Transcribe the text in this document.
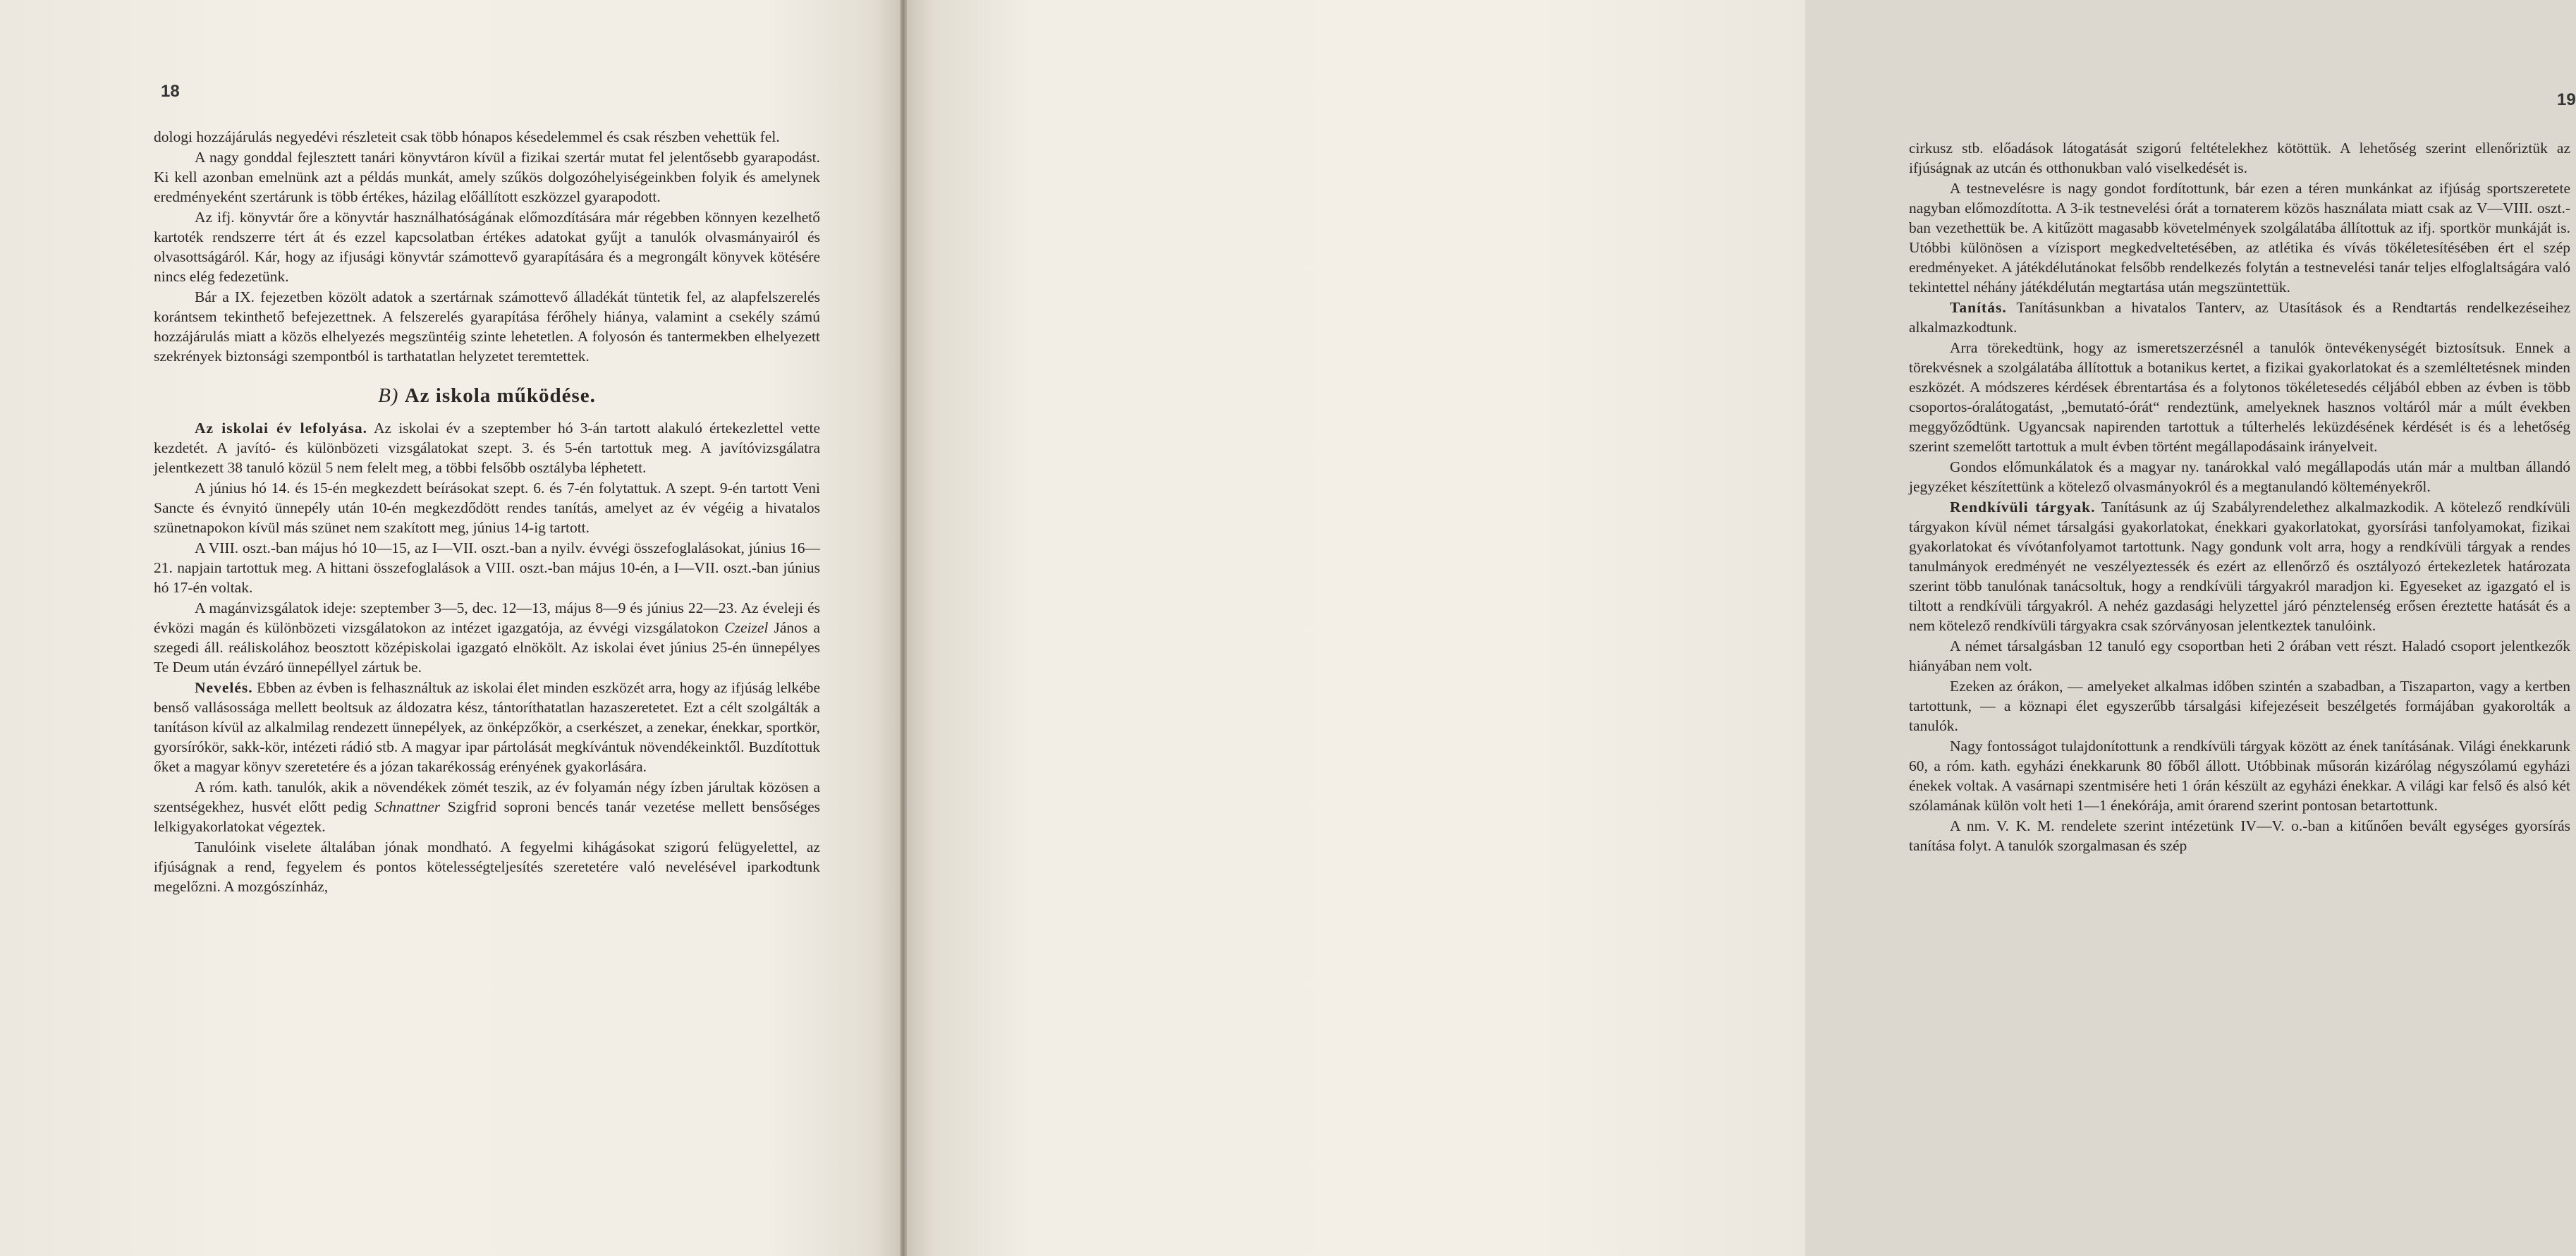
18

dologi hozzájárulás negyedévi részleteit csak több hónapos késedelemmel és csak részben vehettük fel.

A nagy gonddal fejlesztett tanári könyvtáron kívül a fizikai szertár mutat fel jelentősebb gyarapodást. Ki kell azonban emelnünk azt a példás munkát, amely szűkös dolgozóhelyiségeinkben folyik és amelynek eredményeként szertárunk is több értékes, házilag előállított eszközzel gyarapodott.

Az ifj. könyvtár őre a könyvtár használhatóságának előmozdítására már régebben könnyen kezelhető kartoték rendszerre tért át és ezzel kapcsolatban értékes adatokat gyűjt a tanulók olvasmányairól és olvasottságáról. Kár, hogy az ifjusági könyvtár számottevő gyarapítására és a megrongált könyvek kötésére nincs elég fedezetünk.

Bár a IX. fejezetben közölt adatok a szertárnak számottevő álladékát tüntetik fel, az alapfelszerelés korántsem tekinthető befejezettnek. A felszerelés gyarapítása férőhely hiánya, valamint a csekély számú hozzájárulás miatt a közös elhelyezés megszüntéig szinte lehetetlen. A folyosón és tantermekben elhelyezett szekrények biztonsági szempontból is tarthatatlan helyzetet teremtettek.

B) Az iskola működése.

Az iskolai év lefolyása. Az iskolai év a szeptember hó 3-án tartott alakuló értekezlettel vette kezdetét. A javító- és különbözeti vizsgálatokat szept. 3. és 5-én tartottuk meg. A javítóvizsgálatra jelentkezett 38 tanuló közül 5 nem felelt meg, a többi felsőbb osztályba léphetett.

A június hó 14. és 15-én megkezdett beírásokat szept. 6. és 7-én folytattuk. A szept. 9-én tartott Veni Sancte és évnyitó ünnepély után 10-én megkezdődött rendes tanítás, amelyet az év végéig a hivatalos szünetnapokon kívül más szünet nem szakított meg, június 14-ig tartott.

A VIII. oszt.-ban május hó 10—15, az I—VII. oszt.-ban a nyilv. évvégi összefoglalásokat, június 16—21. napjain tartottuk meg. A hittani összefoglalások a VIII. oszt.-ban május 10-én, a I—VII. oszt.-ban június hó 17-én voltak.

A magánvizsgálatok ideje: szeptember 3—5, dec. 12—13, május 8—9 és június 22—23. Az éveleji és évközi magán és különbözeti vizsgálatokon az intézet igazgatója, az évvégi vizsgálatokon Czeizel János a szegedi áll. reáliskolához beosztott középiskolai igazgató elnökölt. Az iskolai évet június 25-én ünnepélyes Te Deum után évzáró ünnepéllyel zártuk be.

Nevelés. Ebben az évben is felhasználtuk az iskolai élet minden eszközét arra, hogy az ifjúság lelkébe benső vallásossága mellett beoltsuk az áldozatra kész, tántoríthatatlan hazaszeretetet. Ezt a célt szolgálták a tanításon kívül az alkalmilag rendezett ünnepélyek, az önképzőkör, a cserkészet, a zenekar, énekkar, sportkör, gyorsírókör, sakk-kör, intézeti rádió stb. A magyar ipar pártolását megkívántuk növendékeinktől. Buzdítottuk őket a magyar könyv szeretetére és a józan takarékosság erényének gyakorlására.

A róm. kath. tanulók, akik a növendékek zömét teszik, az év folyamán négy ízben járultak közösen a szentségekhez, husvét előtt pedig Schnattner Szigfrid soproni bencés tanár vezetése mellett bensőséges lelkigyakorlatokat végeztek.

Tanulóink viselete általában jónak mondható. A fegyelmi kihágásokat szigorú felügyelettel, az ifjúságnak a rend, fegyelem és pontos kötelességteljesítés szeretetére való nevelésével iparkodtunk megelőzni. A mozgószínház,

19

cirkusz stb. előadások látogatását szigorú feltételekhez kötöttük. A lehetőség szerint ellenőriztük az ifjúságnak az utcán és otthonukban való viselkedését is.

A testnevelésre is nagy gondot fordítottunk, bár ezen a téren munkánkat az ifjúság sportszeretete nagyban előmozdította. A 3-ik testnevelési órát a tornaterem közös használata miatt csak az V—VIII. oszt.-ban vezethettük be. A kitűzött magasabb követelmények szolgálatába állítottuk az ifj. sportkör munkáját is. Utóbbi különösen a vízisport megkedveltetésében, az atlétika és vívás tökéletesítésében ért el szép eredményeket. A játékdélutánokat felsőbb rendelkezés folytán a testnevelési tanár teljes elfoglaltságára való tekintettel néhány játékdélután megtartása után megszüntettük.

Tanítás. Tanításunkban a hivatalos Tanterv, az Utasítások és a Rendtartás rendelkezéseihez alkalmazkodtunk.

Arra törekedtünk, hogy az ismeretszerzésnél a tanulók öntevékenységét biztosítsuk. Ennek a törekvésnek a szolgálatába állítottuk a botanikus kertet, a fizikai gyakorlatokat és a szemléltetésnek minden eszközét. A módszeres kérdések ébrentartása és a folytonos tökéletesedés céljából ebben az évben is több csoportos-óralátogatást, „bemutató-órát“ rendeztünk, amelyeknek hasznos voltáról már a múlt években meggyőződtünk. Ugyancsak napirenden tartottuk a túlterhelés leküzdésének kérdését is és a lehetőség szerint szemelőtt tartottuk a mult évben történt megállapodásaink irányelveit.

Gondos előmunkálatok és a magyar ny. tanárokkal való megállapodás után már a multban állandó jegyzéket készítettünk a kötelező olvasmányokról és a megtanulandó költeményekről.

Rendkívüli tárgyak. Tanításunk az új Szabályrendelethez alkalmazkodik. A kötelező rendkívüli tárgyakon kívül német társalgási gyakorlatokat, énekkari gyakorlatokat, gyorsírási tanfolyamokat, fizikai gyakorlatokat és vívótanfolyamot tartottunk. Nagy gondunk volt arra, hogy a rendkívüli tárgyak a rendes tanulmányok eredményét ne veszélyeztessék és ezért az ellenőrző és osztályozó értekezletek határozata szerint több tanulónak tanácsoltuk, hogy a rendkívüli tárgyakról maradjon ki. Egyeseket az igazgató el is tiltott a rendkívüli tárgyakról. A nehéz gazdasági helyzettel járó pénztelenség erősen éreztette hatását és a nem kötelező rendkívüli tárgyakra csak szórványosan jelentkeztek tanulóink.

A német társalgásban 12 tanuló egy csoportban heti 2 órában vett részt. Haladó csoport jelentkezők hiányában nem volt.

Ezeken az órákon, — amelyeket alkalmas időben szintén a szabadban, a Tiszaparton, vagy a kertben tartottunk, — a köznapi élet egyszerűbb társalgási kifejezéseit beszélgetés formájában gyakorolták a tanulók.

Nagy fontosságot tulajdonítottunk a rendkívüli tárgyak között az ének tanításának. Világi énekkarunk 60, a róm. kath. egyházi énekkarunk 80 főből állott. Utóbbinak műsorán kizárólag négyszólamú egyházi énekek voltak. A vasárnapi szentmisére heti 1 órán készült az egyházi énekkar. A világi kar felső és alsó két szólamának külön volt heti 1—1 énekórája, amit órarend szerint pontosan betartottunk.

A nm. V. K. M. rendelete szerint intézetünk IV—V. o.-ban a kitűnően bevált egységes gyorsírás tanítása folyt. A tanulók szorgalmasan és szép
